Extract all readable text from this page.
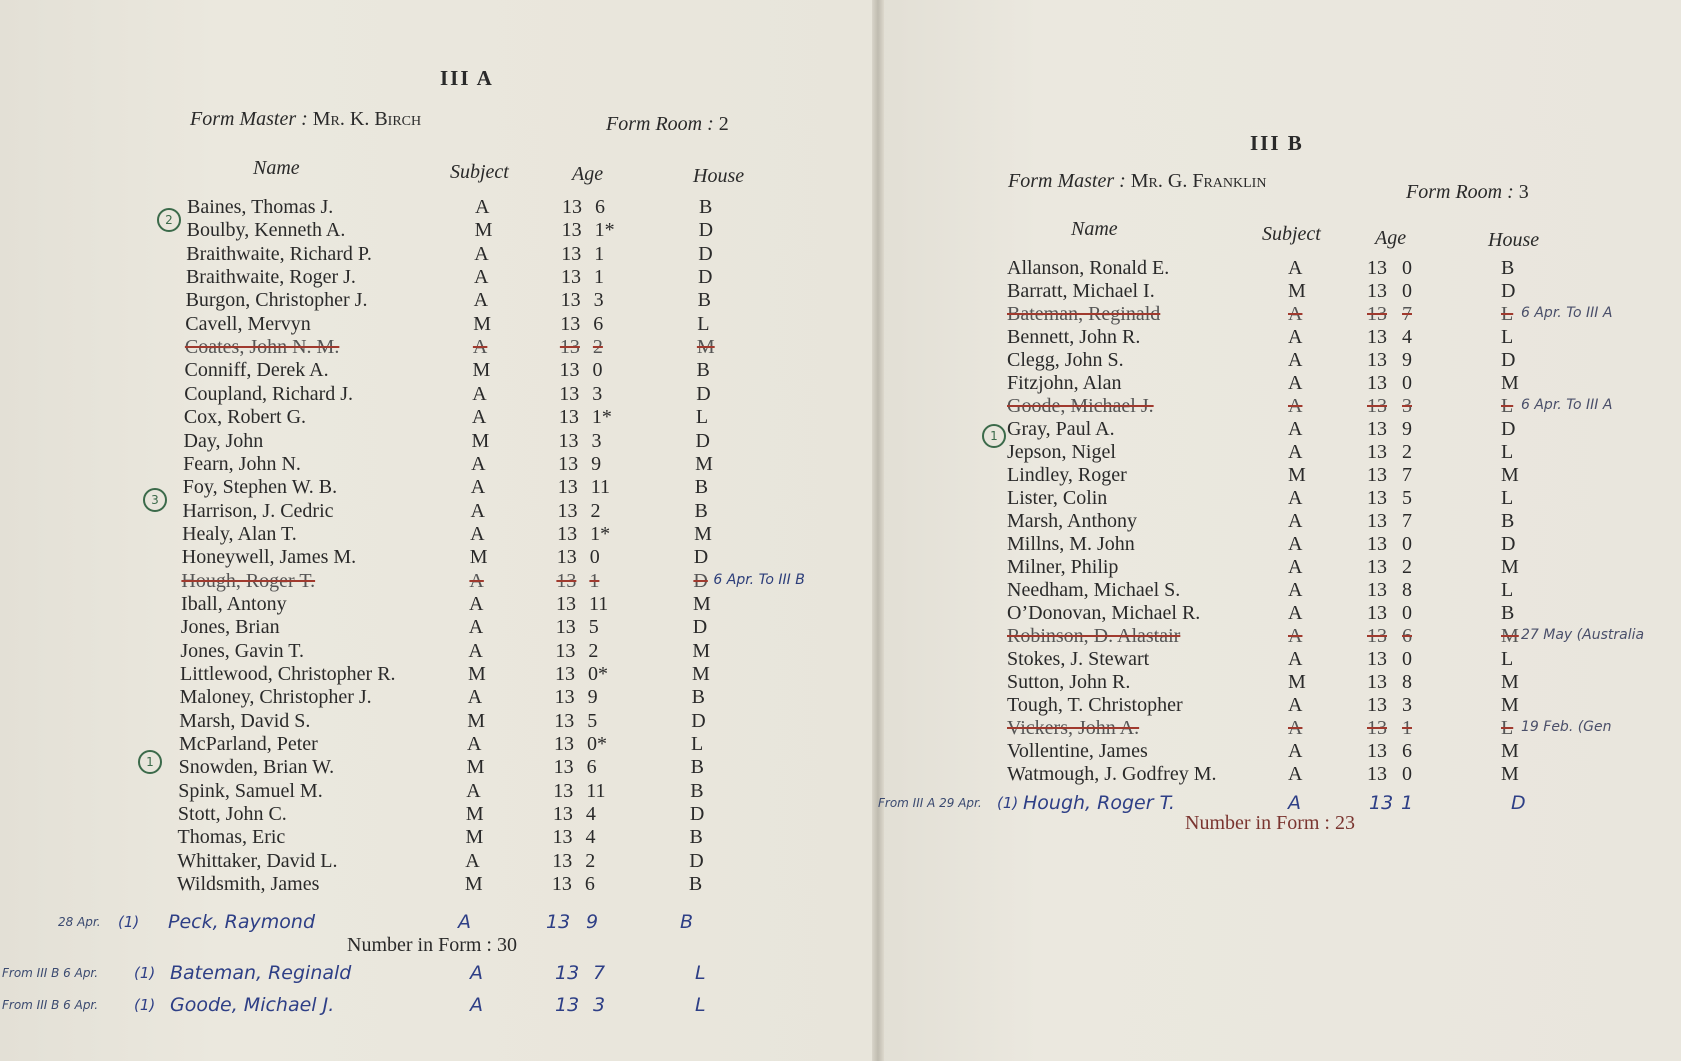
III A
Form Master : Mr. K. Birch	Form Room : 2
Name	Subject	Age	House
Baines, Thomas J.	A	13 6	B
Boulby, Kenneth A.	M	13 1*	D
Braithwaite, Richard P.	A	13 1	D
Braithwaite, Roger J.	A	13 1	D
Burgon, Christopher J.	A	13 3	B
Cavell, Mervyn	M	13 6	L
Coates, John N. M.	A	13 2	M
Conniff, Derek A.	M	13 0	B
Coupland, Richard J.	A	13 3	D
Cox, Robert G.	A	13 1*	L
Day, John	M	13 3	D
Fearn, John N.	A	13 9	M
Foy, Stephen W. B.	A	13 11	B
Harrison, J. Cedric	A	13 2	B
Healy, Alan T.	A	13 1*	M
Honeywell, James M.	M	13 0	D
Hough, Roger T.	A	13 1	D 6 Apr. To III B
Iball, Antony	A	13 11	M
Jones, Brian	A	13 5	D
Jones, Gavin T.	A	13 2	M
Littlewood, Christopher R.	M	13 0*	M
Maloney, Christopher J.	A	13 9	B
Marsh, David S.	M	13 5	D
McParland, Peter	A	13 0*	L
Snowden, Brian W.	M	13 6	B
Spink, Samuel M.	A	13 11	B
Stott, John C.	M	13 4	D
Thomas, Eric	M	13 4	B
Whittaker, David L.	A	13 2	D
Wildsmith, James	M	13 6	B
28 Apr. (1) Peck, Raymond	A	13 9	B
From III B 6 Apr. (1) Bateman, Reginald	A	13 7	L
From III B 6 Apr. (1) Goode, Michael J.	A	13 3	L
Number in Form : 30
2
3
1
III B
Form Master : Mr. G. Franklin	Form Room : 3
Name	Subject	Age	House
Allanson, Ronald E.	A	13 0	B
Barratt, Michael I.	M	13 0	D
Bateman, Reginald	A	13 7	L 6 Apr. To III A
Bennett, John R.	A	13 4	L
Clegg, John S.	A	13 9	D
Fitzjohn, Alan	A	13 0	M
Goode, Michael J.	A	13 3	L 6 Apr. To III A
Gray, Paul A.	A	13 9	D
Jepson, Nigel	A	13 2	L
Lindley, Roger	M	13 7	M
Lister, Colin	A	13 5	L
Marsh, Anthony	A	13 7	B
Millns, M. John	A	13 0	D
Milner, Philip	A	13 2	M
Needham, Michael S.	A	13 8	L
O’Donovan, Michael R.	A	13 0	B
Robinson, D. Alastair	A	13 6	M 27 May (Australia
Stokes, J. Stewart	A	13 0	L
Sutton, John R.	M	13 8	M
Tough, T. Christopher	A	13 3	M
Vickers, John A.	A	13 1	L 19 Feb. (Gen
Vollentine, James	A	13 6	M
Watmough, J. Godfrey M.	A	13 0	M
From III A 29 Apr. (1) Hough, Roger T.	A	13 1	D
Number in Form : 23
1
